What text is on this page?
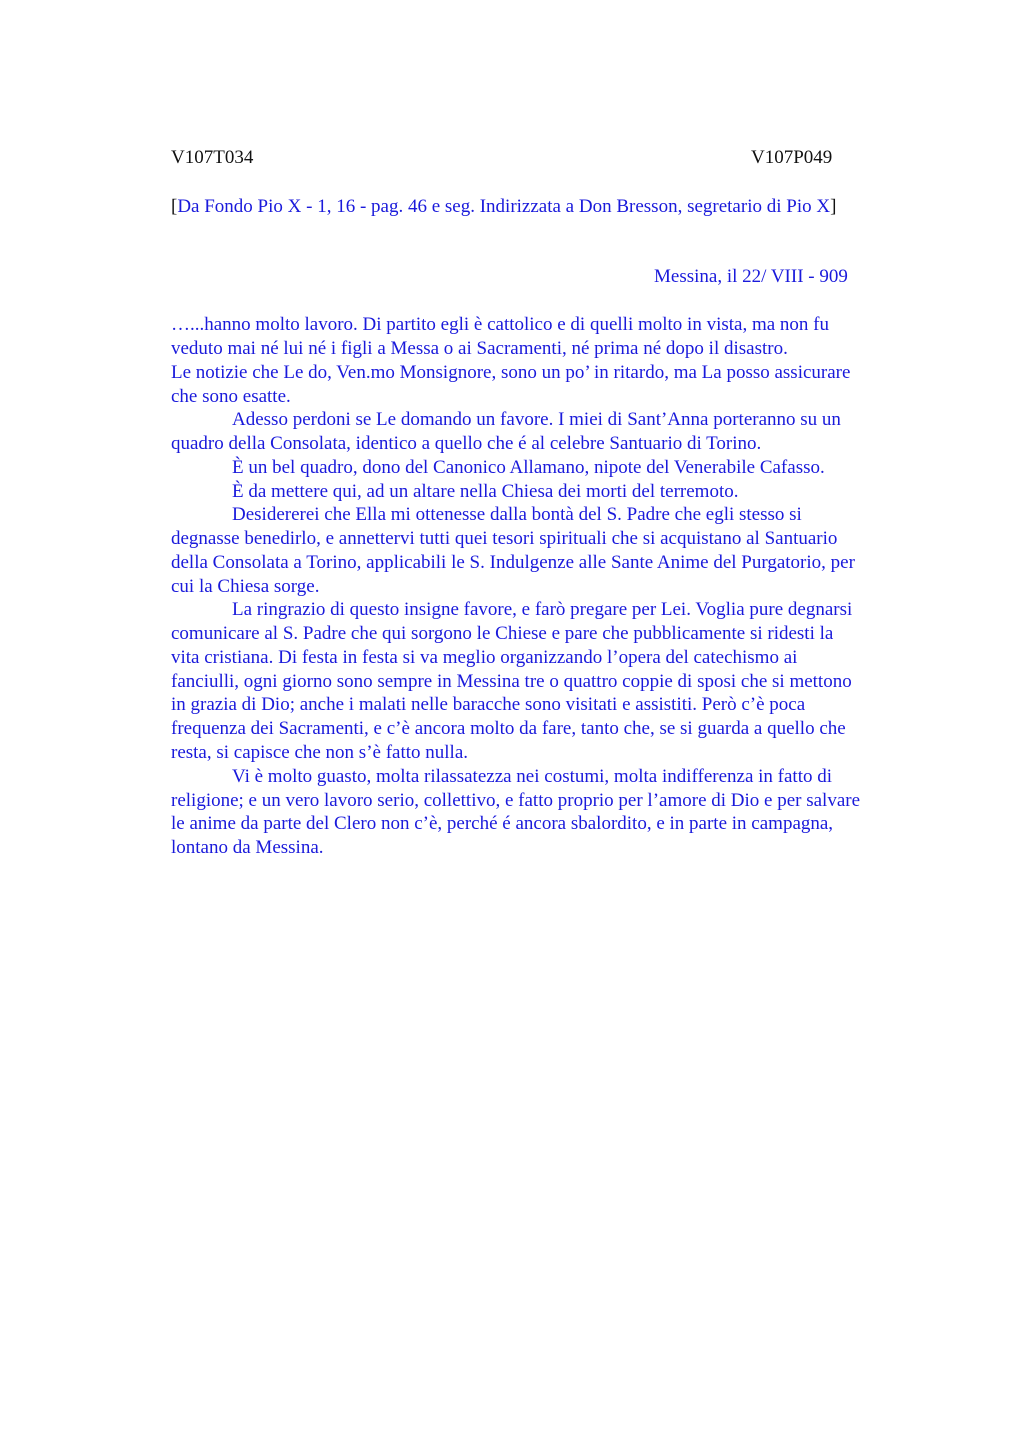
V107T034	V107P049
[Da Fondo Pio X - 1, 16 - pag. 46 e seg. Indirizzata a Don Bresson, segretario di Pio X]
Messina, il 22/ VIII - 909
…...hanno molto lavoro. Di partito egli è cattolico e di quelli molto in vista, ma non fu
veduto mai né lui né i figli a Messa o ai Sacramenti, né prima né dopo il disastro.
Le notizie che Le do, Ven.mo Monsignore, sono un po’ in ritardo, ma La posso assicurare
che sono esatte.
Adesso perdoni se Le domando un favore. I miei di Sant’Anna porteranno su un
quadro della Consolata, identico a quello che é al celebre Santuario di Torino.
È un bel quadro, dono del Canonico Allamano, nipote del Venerabile Cafasso.
È da mettere qui, ad un altare nella Chiesa dei morti del terremoto.
Desidererei che Ella mi ottenesse dalla bontà del S. Padre che egli stesso si
degnasse benedirlo, e annettervi tutti quei tesori spirituali che si acquistano al Santuario
della Consolata a Torino, applicabili le S. Indulgenze alle Sante Anime del Purgatorio, per
cui la Chiesa sorge.
La ringrazio di questo insigne favore, e farò pregare per Lei. Voglia pure degnarsi
comunicare al S. Padre che qui sorgono le Chiese e pare che pubblicamente si ridesti la
vita cristiana. Di festa in festa si va meglio organizzando l’opera del catechismo ai
fanciulli, ogni giorno sono sempre in Messina tre o quattro coppie di sposi che si mettono
in grazia di Dio; anche i malati nelle baracche sono visitati e assistiti. Però c’è poca
frequenza dei Sacramenti, e c’è ancora molto da fare, tanto che, se si guarda a quello che
resta, si capisce che non s’è fatto nulla.
Vi è molto guasto, molta rilassatezza nei costumi, molta indifferenza in fatto di
religione; e un vero lavoro serio, collettivo, e fatto proprio per l’amore di Dio e per salvare
le anime da parte del Clero non c’è, perché é ancora sbalordito, e in parte in campagna,
lontano da Messina.
